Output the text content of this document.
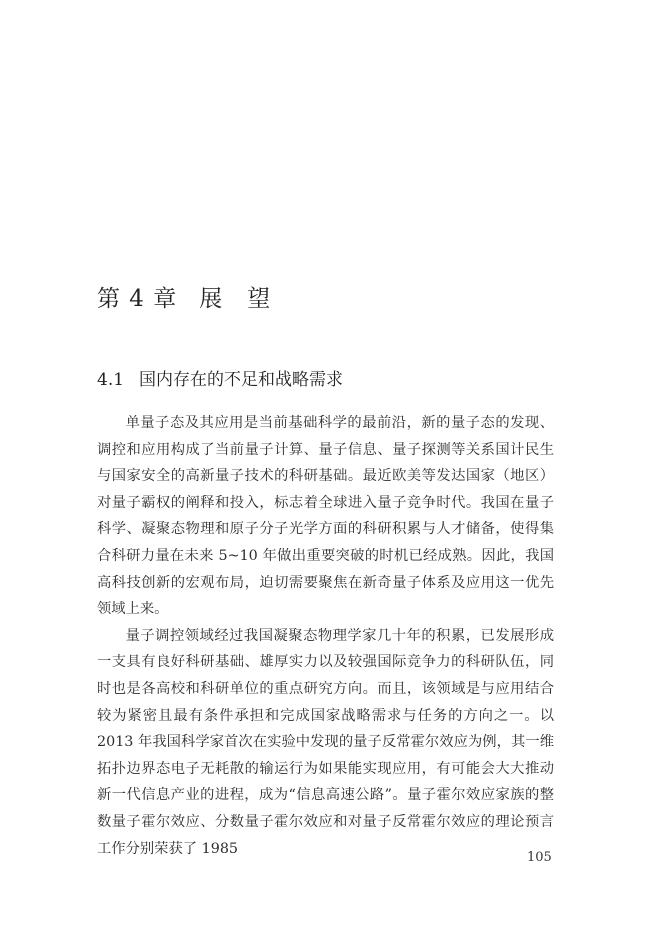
第 4 章 展　望
4.1 国内存在的不足和战略需求

单量子态及其应用是当前基础科学的最前沿，新的量子态的发现、调控和应用构成了当前量子计算、量子信息、量子探测等关系国计民生与国家安全的高新量子技术的科研基础。最近欧美等发达国家（地区）对量子霸权的阐释和投入，标志着全球进入量子竞争时代。我国在量子科学、凝聚态物理和原子分子光学方面的科研积累与人才储备，使得集合科研力量在未来 5~10 年做出重要突破的时机已经成熟。因此，我国高科技创新的宏观布局，迫切需要聚焦在新奇量子体系及应用这一优先领域上来。

量子调控领域经过我国凝聚态物理学家几十年的积累，已发展形成一支具有良好科研基础、雄厚实力以及较强国际竞争力的科研队伍，同时也是各高校和科研单位的重点研究方向。而且，该领域是与应用结合较为紧密且最有条件承担和完成国家战略需求与任务的方向之一。以 2013 年我国科学家首次在实验中发现的量子反常霍尔效应为例，其一维拓扑边界态电子无耗散的输运行为如果能实现应用，有可能会大大推动新一代信息产业的进程，成为“信息高速公路”。量子霍尔效应家族的整数量子霍尔效应、分数量子霍尔效应和对量子反常霍尔效应的理论预言工作分别荣获了 1985

105
